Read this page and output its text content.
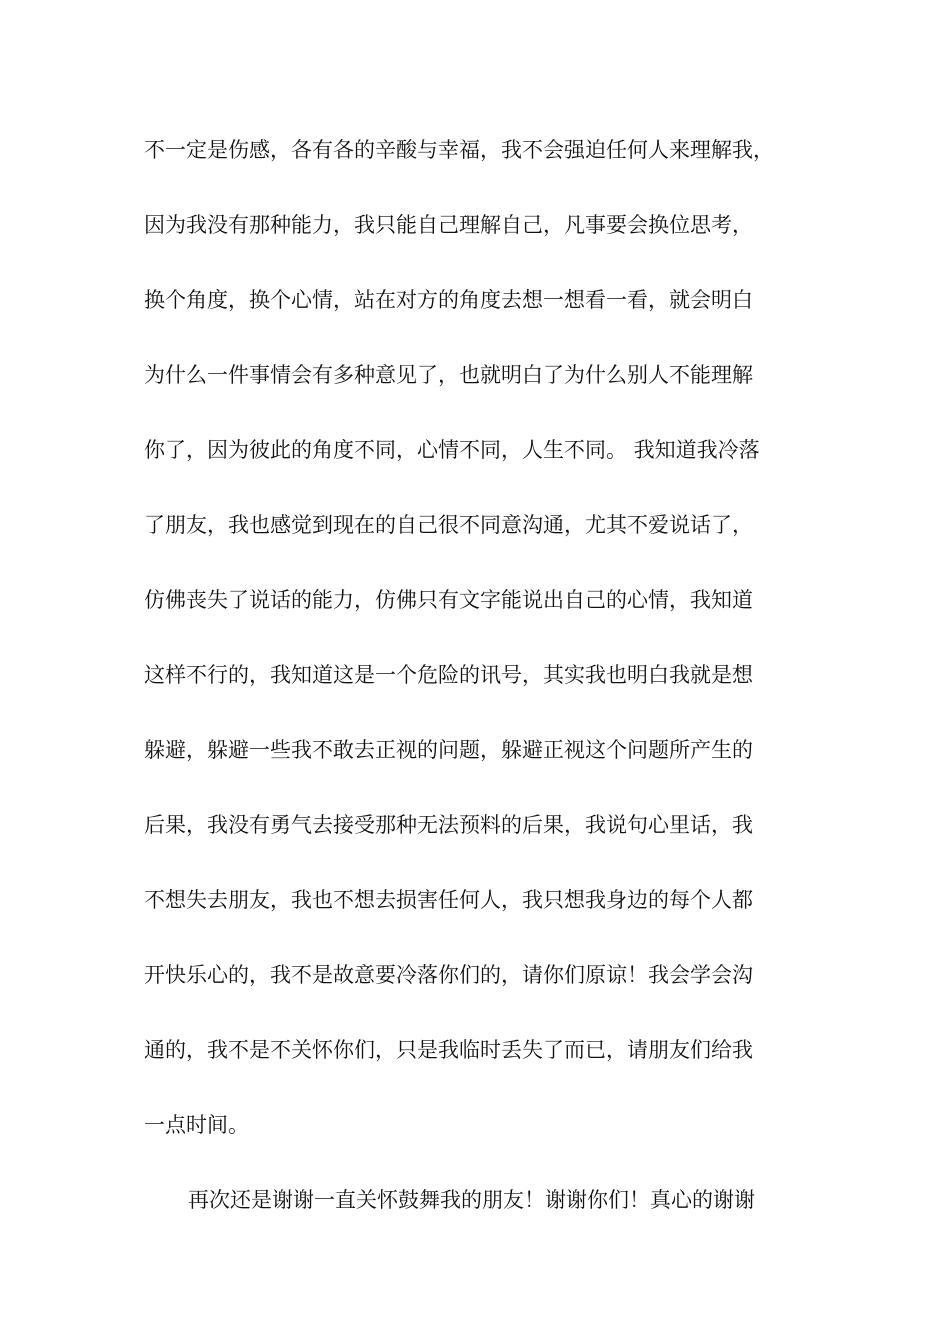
不一定是伤感，各有各的辛酸与幸福，我不会强迫任何人来理解我，
因为我没有那种能力，我只能自己理解自己，凡事要会换位思考，
换个角度，换个心情，站在对方的角度去想一想看一看，就会明白
为什么一件事情会有多种意见了，也就明白了为什么别人不能理解
你了，因为彼此的角度不同，心情不同，人生不同。 我知道我冷落
了朋友，我也感觉到现在的自己很不同意沟通，尤其不爱说话了，
仿佛丧失了说话的能力，仿佛只有文字能说出自己的心情，我知道
这样不行的，我知道这是一个危险的讯号，其实我也明白我就是想
躲避，躲避一些我不敢去正视的问题，躲避正视这个问题所产生的
后果，我没有勇气去接受那种无法预料的后果，我说句心里话，我
不想失去朋友，我也不想去损害任何人，我只想我身边的每个人都
开快乐心的，我不是故意要冷落你们的，请你们原谅！我会学会沟
通的，我不是不关怀你们，只是我临时丢失了而已，请朋友们给我
一点时间。
再次还是谢谢一直关怀鼓舞我的朋友！谢谢你们！真心的谢谢
